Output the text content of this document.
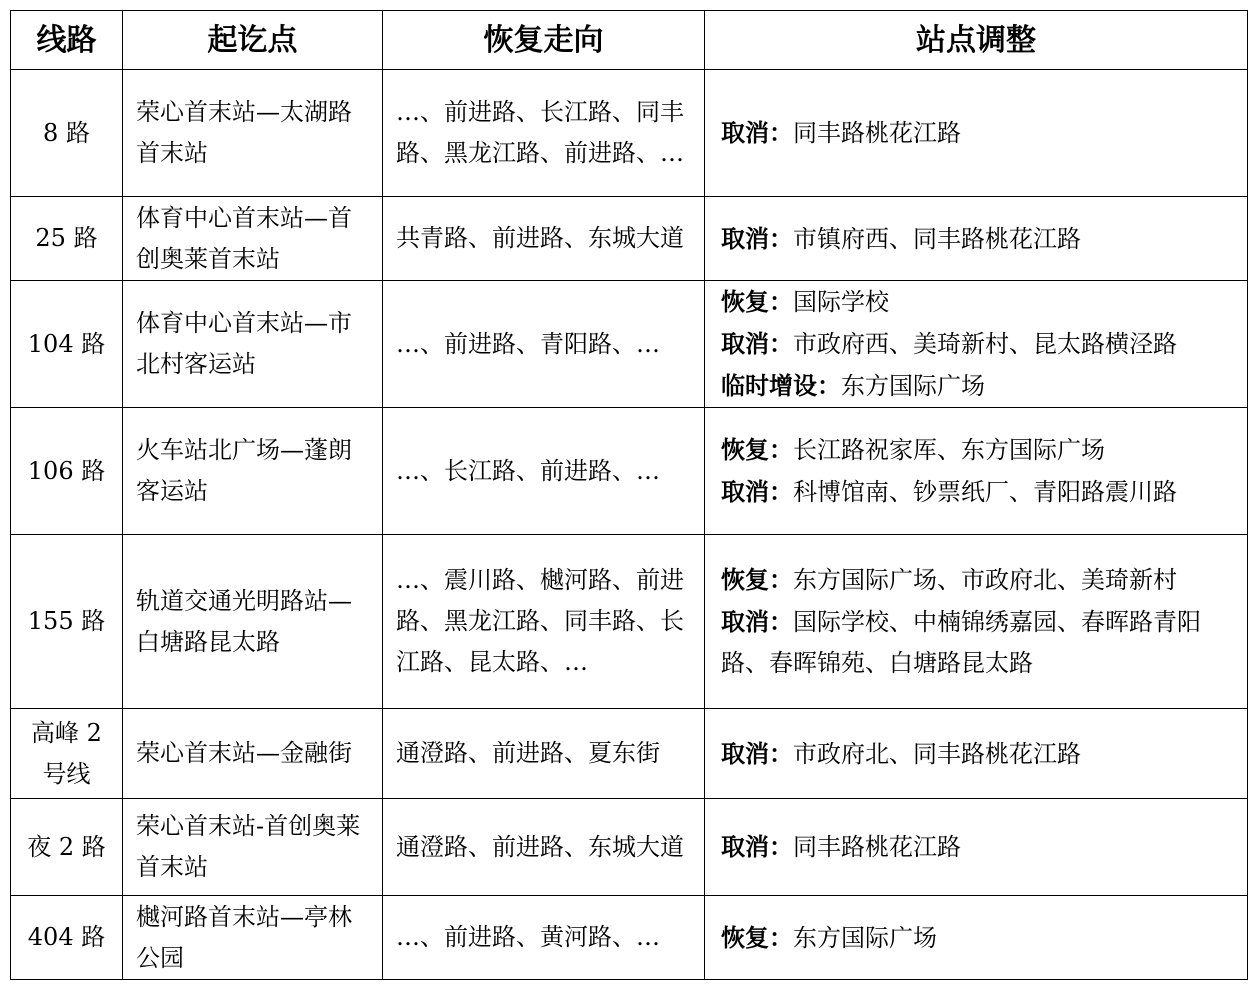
线路	起讫点	恢复走向	站点调整
8 路	荣心首末站—太湖路首末站	…、前进路、长江路、同丰路、黑龙江路、前进路、…	取消：同丰路桃花江路

25 路	体育中心首末站—首创奥莱首末站	共青路、前进路、东城大道	取消：市镇府西、同丰路桃花江路

104 路	体育中心首末站—市北村客运站	…、前进路、青阳路、…	恢复：国际学校
取消：市政府西、美琦新村、昆太路横泾路
临时增设：东方国际广场

106 路	火车站北广场—蓬朗客运站	…、长江路、前进路、…	恢复：长江路祝家厍、东方国际广场
取消：科博馆南、钞票纸厂、青阳路震川路

155 路	轨道交通光明路站—白塘路昆太路	…、震川路、樾河路、前进路、黑龙江路、同丰路、长江路、昆太路、…	恢复：东方国际广场、市政府北、美琦新村
取消：国际学校、中楠锦绣嘉园、春晖路青阳路、春晖锦苑、白塘路昆太路

高峰 2 号线	荣心首末站—金融街	通澄路、前进路、夏东街	取消：市政府北、同丰路桃花江路

夜 2 路	荣心首末站-首创奥莱首末站	通澄路、前进路、东城大道	取消：同丰路桃花江路

404 路	樾河路首末站—亭林公园	…、前进路、黄河路、…	恢复：东方国际广场
